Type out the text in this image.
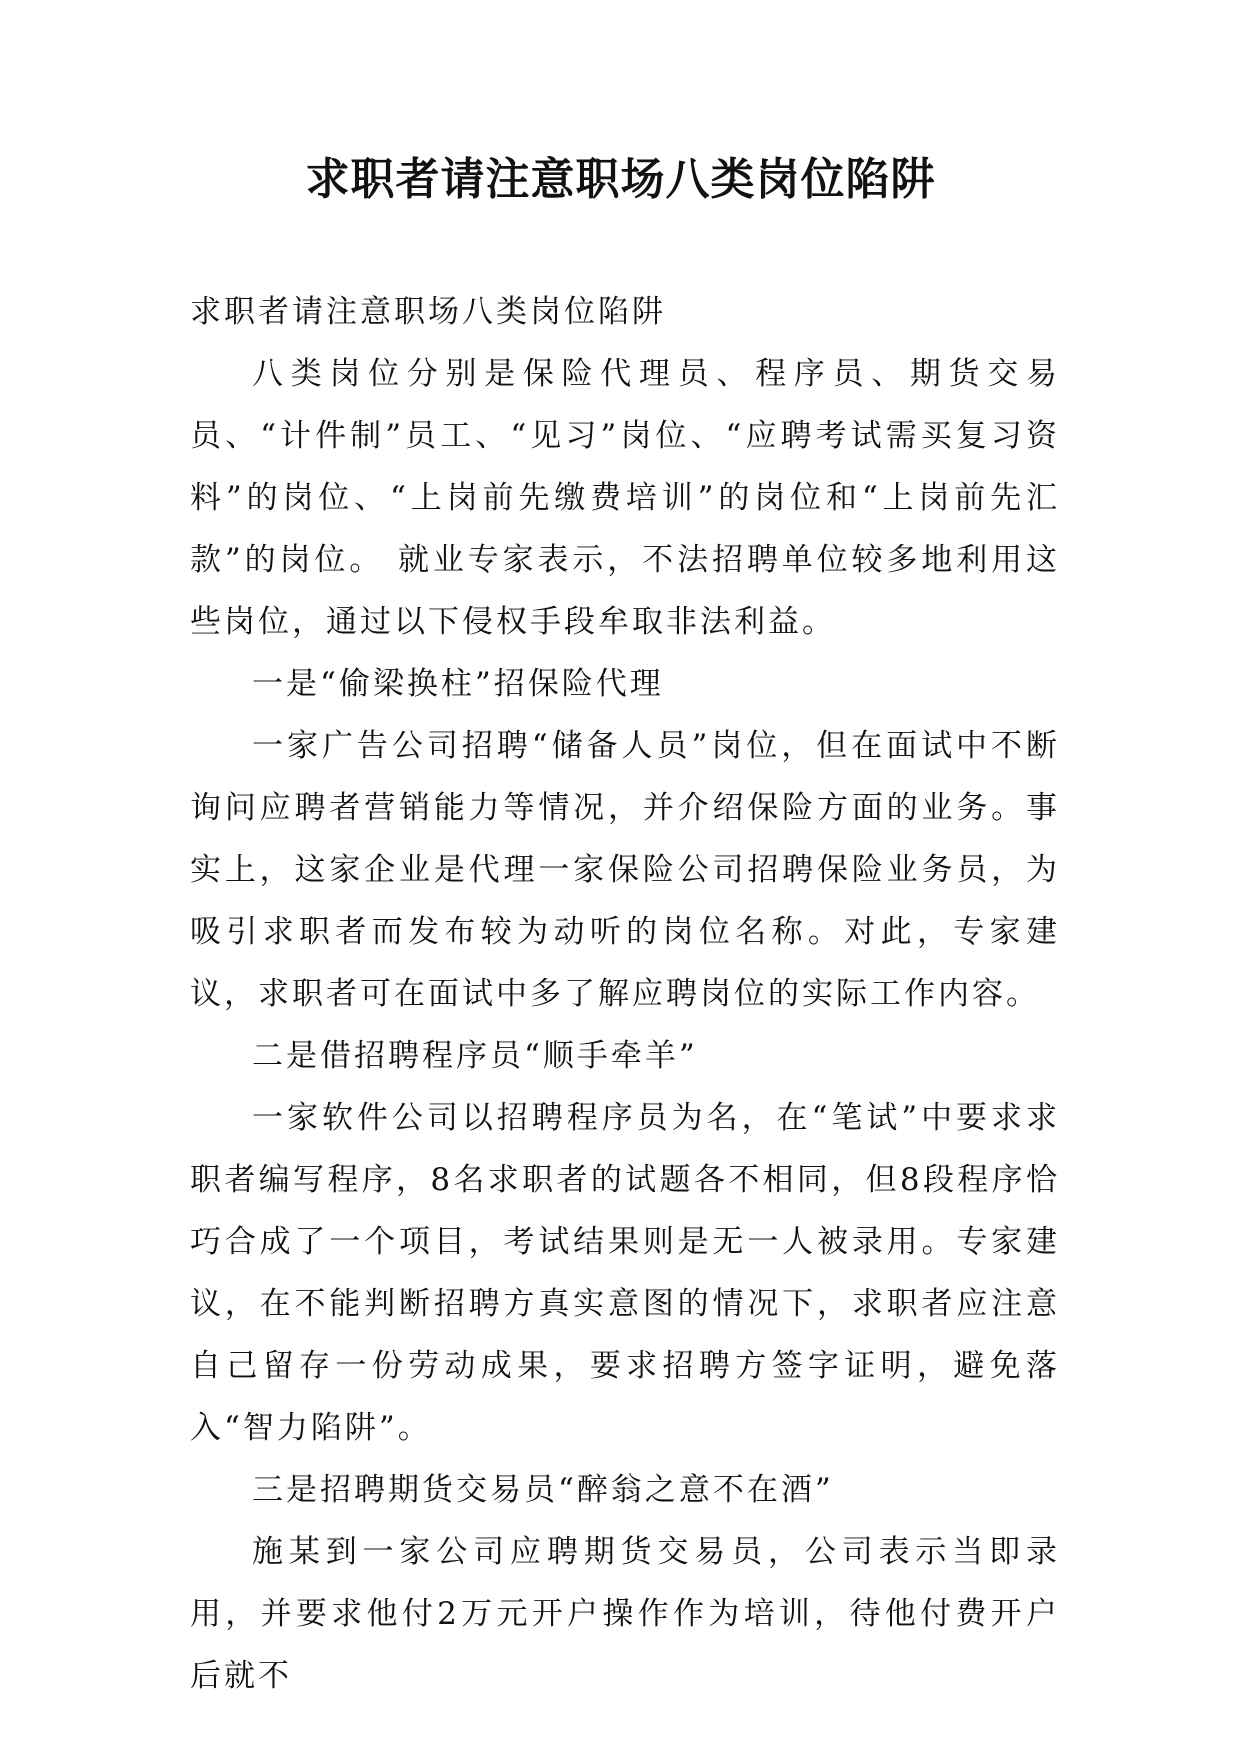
求职者请注意职场八类岗位陷阱

求职者请注意职场八类岗位陷阱

八类岗位分别是保险代理员、程序员、期货交易员、“计件制”员工、“见习”岗位、“应聘考试需买复习资料”的岗位、“上岗前先缴费培训”的岗位和“上岗前先汇款”的岗位。 就业专家表示，不法招聘单位较多地利用这些岗位，通过以下侵权手段牟取非法利益。

一是“偷梁换柱”招保险代理

一家广告公司招聘“储备人员”岗位，但在面试中不断询问应聘者营销能力等情况，并介绍保险方面的业务。事实上，这家企业是代理一家保险公司招聘保险业务员，为吸引求职者而发布较为动听的岗位名称。对此，专家建议，求职者可在面试中多了解应聘岗位的实际工作内容。

二是借招聘程序员“顺手牵羊”

一家软件公司以招聘程序员为名，在“笔试”中要求求职者编写程序，8名求职者的试题各不相同，但8段程序恰巧合成了一个项目，考试结果则是无一人被录用。专家建议，在不能判断招聘方真实意图的情况下，求职者应注意自己留存一份劳动成果，要求招聘方签字证明，避免落入“智力陷阱”。

三是招聘期货交易员“醉翁之意不在酒”

施某到一家公司应聘期货交易员，公司表示当即录用，并要求他付2万元开户操作作为培训，待他付费开户后就不
